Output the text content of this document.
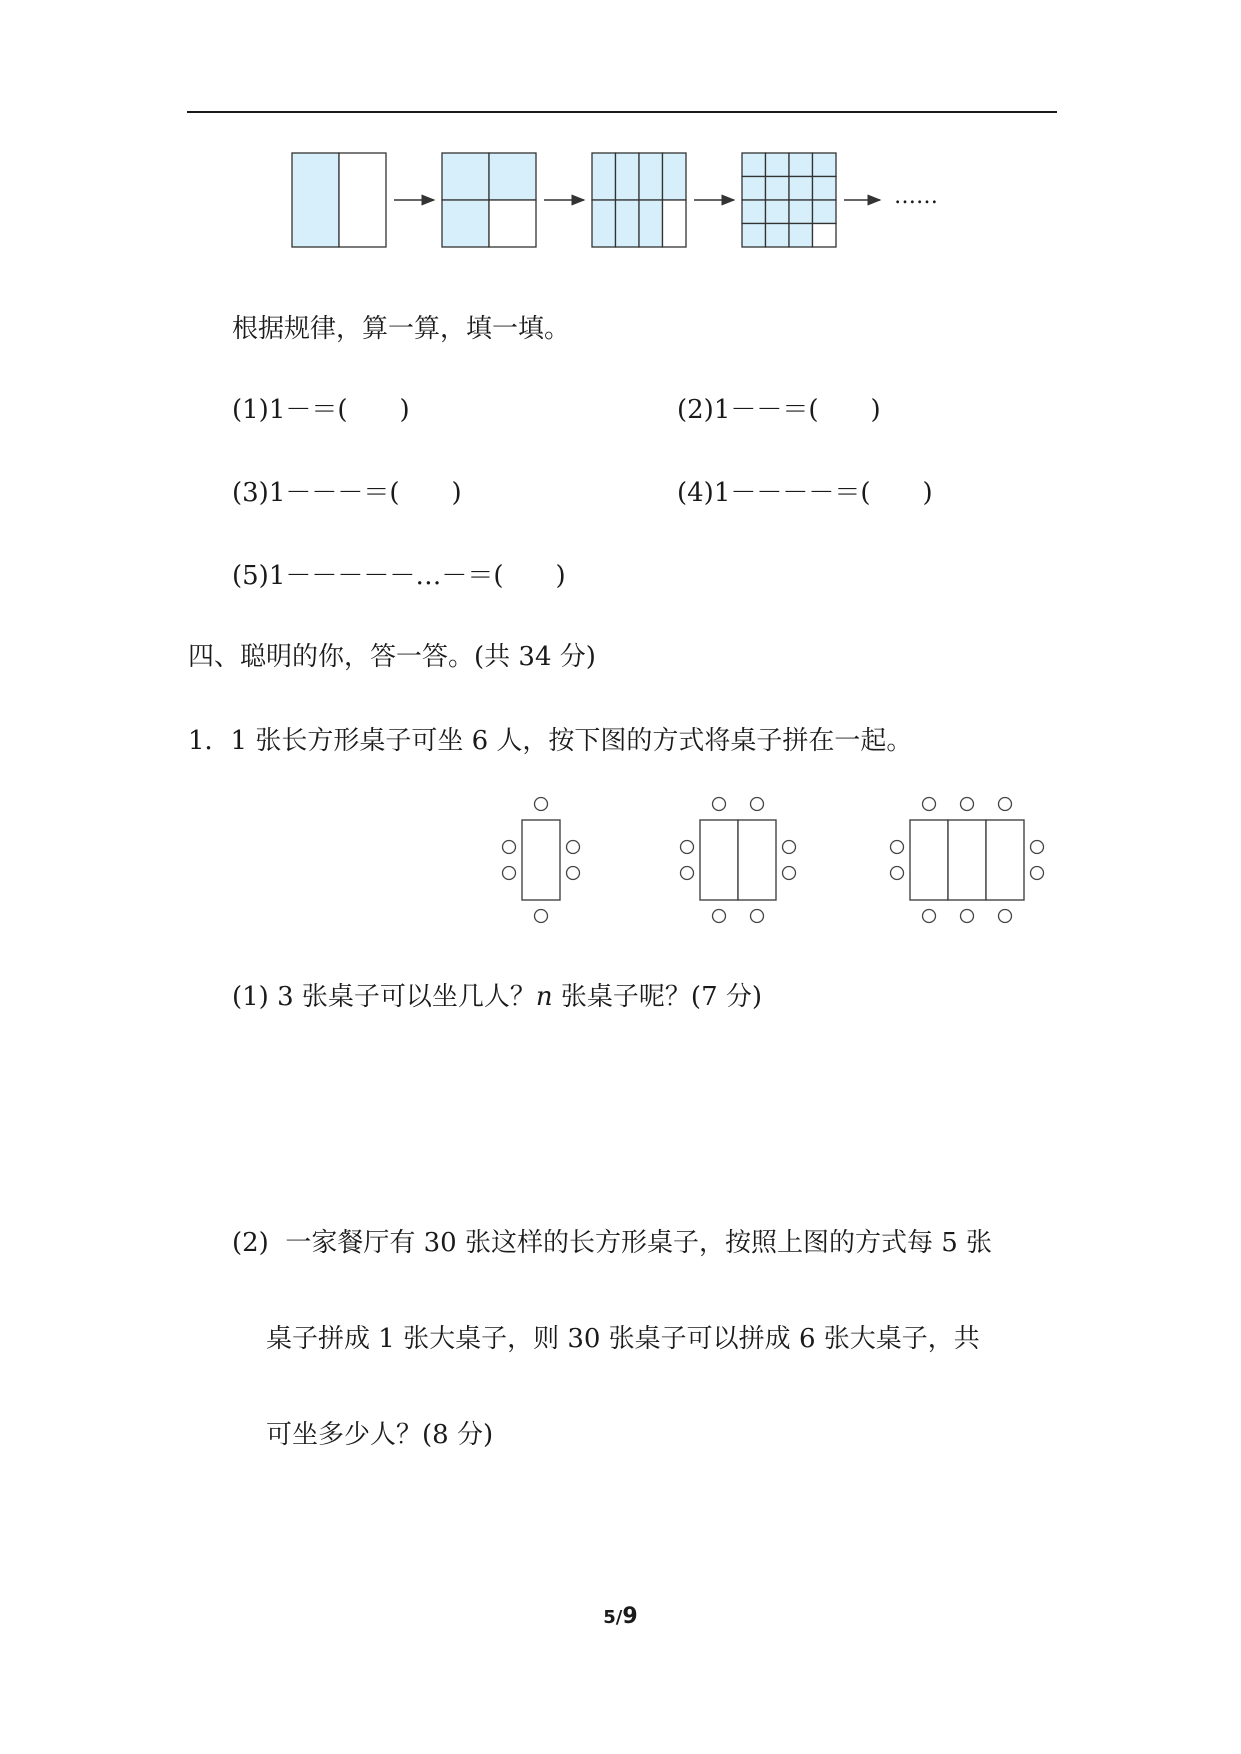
……
根据规律，算一算，填一填。
(1)1－＝(　　)	(2)1－－＝(　　)
(3)1－－－＝(　　)	(4)1－－－－＝(　　)
(5)1－－－－－…－＝(　　)
四、聪明的你，答一答。(共 34 分)
1．1 张长方形桌子可坐 6 人，按下图的方式将桌子拼在一起。
(1) 3 张桌子可以坐几人？n 张桌子呢？(7 分)
(2)  一家餐厅有 30 张这样的长方形桌子，按照上图的方式每 5 张
桌子拼成 1 张大桌子，则 30 张桌子可以拼成 6 张大桌子，共
可坐多少人？(8 分)
5/9
